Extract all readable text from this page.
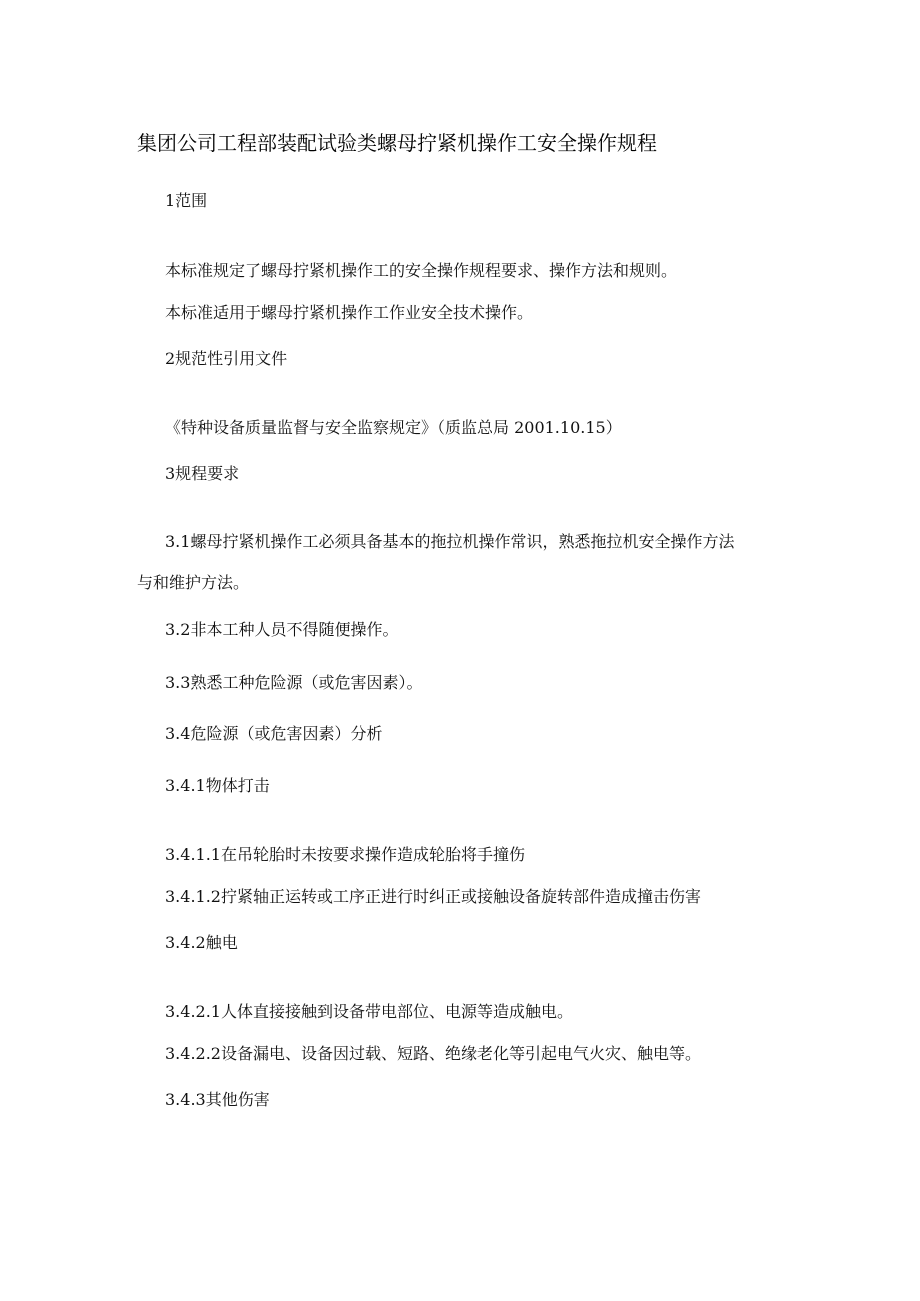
集团公司工程部装配试验类螺母拧紧机操作工安全操作规程
1范围
本标准规定了螺母拧紧机操作工的安全操作规程要求、操作方法和规则。
本标准适用于螺母拧紧机操作工作业安全技术操作。
2规范性引用文件
《特种设备质量监督与安全监察规定》（质监总局 2001.10.15）
3规程要求
3.1螺母拧紧机操作工必须具备基本的拖拉机操作常识，熟悉拖拉机安全操作方法
与和维护方法。
3.2非本工种人员不得随便操作。
3.3熟悉工种危险源（或危害因素）。
3.4危险源（或危害因素）分析
3.4.1物体打击
3.4.1.1在吊轮胎时未按要求操作造成轮胎将手撞伤
3.4.1.2拧紧轴正运转或工序正进行时纠正或接触设备旋转部件造成撞击伤害
3.4.2触电
3.4.2.1人体直接接触到设备带电部位、电源等造成触电。
3.4.2.2设备漏电、设备因过载、短路、绝缘老化等引起电气火灾、触电等。
3.4.3其他伤害
